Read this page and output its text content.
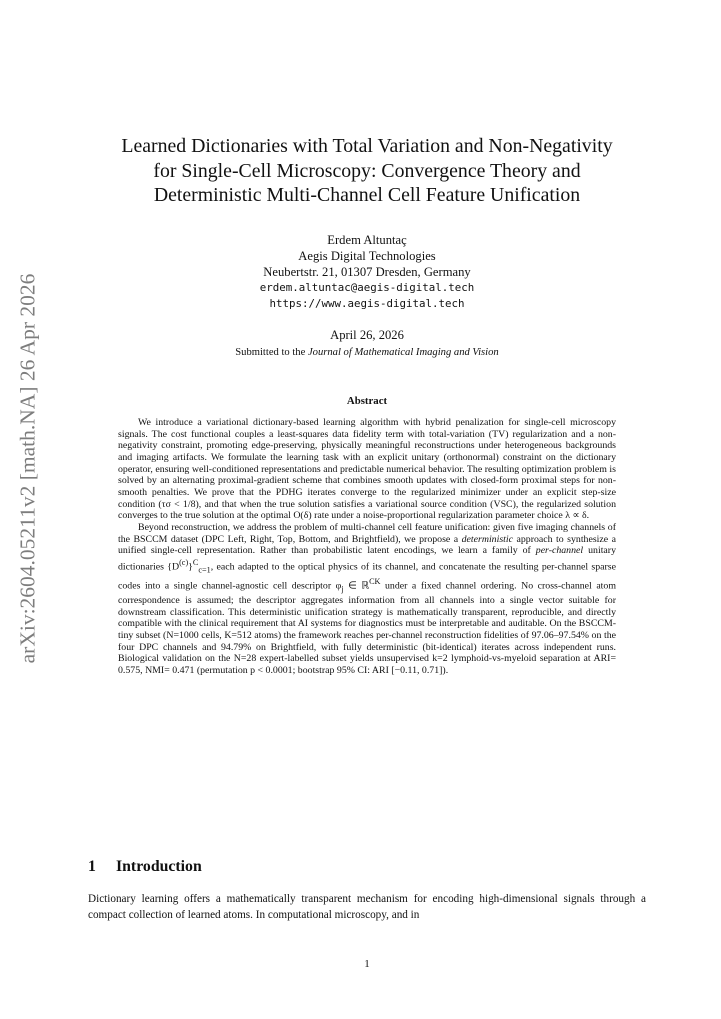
arXiv:2604.05211v2 [math.NA] 26 Apr 2026
Learned Dictionaries with Total Variation and Non-Negativity
for Single-Cell Microscopy: Convergence Theory and
Deterministic Multi-Channel Cell Feature Unification
Erdem Altuntaç
Aegis Digital Technologies
Neubertstr. 21, 01307 Dresden, Germany
erdem.altuntac@aegis-digital.tech
https://www.aegis-digital.tech
April 26, 2026
Submitted to the Journal of Mathematical Imaging and Vision
Abstract

We introduce a variational dictionary-based learning algorithm with hybrid penalization for single-cell microscopy signals. The cost functional couples a least-squares data fidelity term with total-variation (TV) regularization and a non-negativity constraint, promoting edge-preserving, physically meaningful reconstructions under heterogeneous backgrounds and imaging artifacts. We formulate the learning task with an explicit unitary (orthonormal) constraint on the dictionary operator, ensuring well-conditioned representations and predictable numerical behavior. The resulting optimization problem is solved by an alternating proximal-gradient scheme that combines smooth updates with closed-form proximal steps for non-smooth penalties. We prove that the PDHG iterates converge to the regularized minimizer under an explicit step-size condition (τσ < 1/8), and that when the true solution satisfies a variational source condition (VSC), the regularized solution converges to the true solution at the optimal O(δ) rate under a noise-proportional regularization parameter choice λ ∝ δ.

Beyond reconstruction, we address the problem of multi-channel cell feature unification: given five imaging channels of the BSCCM dataset (DPC Left, Right, Top, Bottom, and Brightfield), we propose a deterministic approach to synthesize a unified single-cell representation. Rather than probabilistic latent encodings, we learn a family of per-channel unitary dictionaries $\{D^{(c)}\}^C_{c=1}$, each adapted to the optical physics of its channel, and concatenate the resulting per-channel sparse codes into a single channel-agnostic cell descriptor $\varphi_j$ ∈ ℝ$^{CK}$ under a fixed channel ordering. No cross-channel atom correspondence is assumed; the descriptor aggregates information from all channels into a single vector suitable for downstream classification. This deterministic unification strategy is mathematically transparent, reproducible, and directly compatible with the clinical requirement that AI systems for diagnostics must be interpretable and auditable. On the BSCCM-tiny subset (N=1000 cells, K=512 atoms) the framework reaches per-channel reconstruction fidelities of 97.06–97.54% on the four DPC channels and 94.79% on Brightfield, with fully deterministic (bit-identical) iterates across independent runs. Biological validation on the N=28 expert-labelled subset yields unsupervised k=2 lymphoid-vs-myeloid separation at ARI= 0.575, NMI= 0.471 (permutation p < 0.0001; bootstrap 95% CI: ARI [−0.11, 0.71]).

1 Introduction

Dictionary learning offers a mathematically transparent mechanism for encoding high-dimensional signals through a compact collection of learned atoms. In computational microscopy, and in

1
